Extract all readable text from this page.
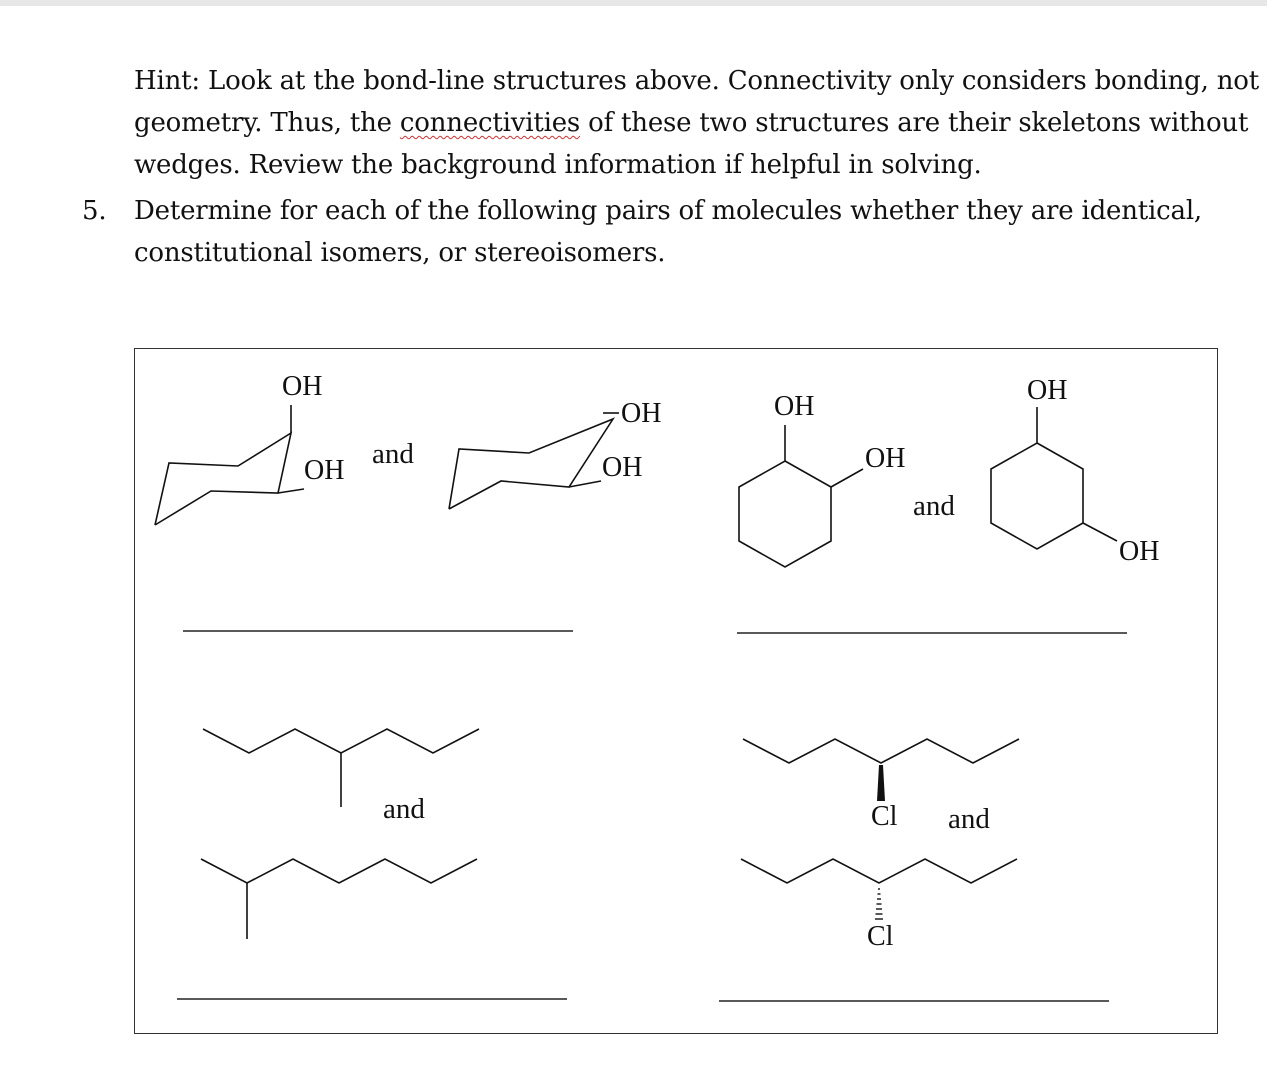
Hint: Look at the bond-line structures above. Connectivity only considers bonding, not geometry. Thus, the connectivities of these two structures are their skeletons without wedges. Review the background information if helpful in solving.
5. Determine for each of the following pairs of molecules whether they are identical, constitutional isomers, or stereoisomers.
OH
OH
and
OH
OH
OH
OH
and
OH
OH
and	Cl and
Cl
